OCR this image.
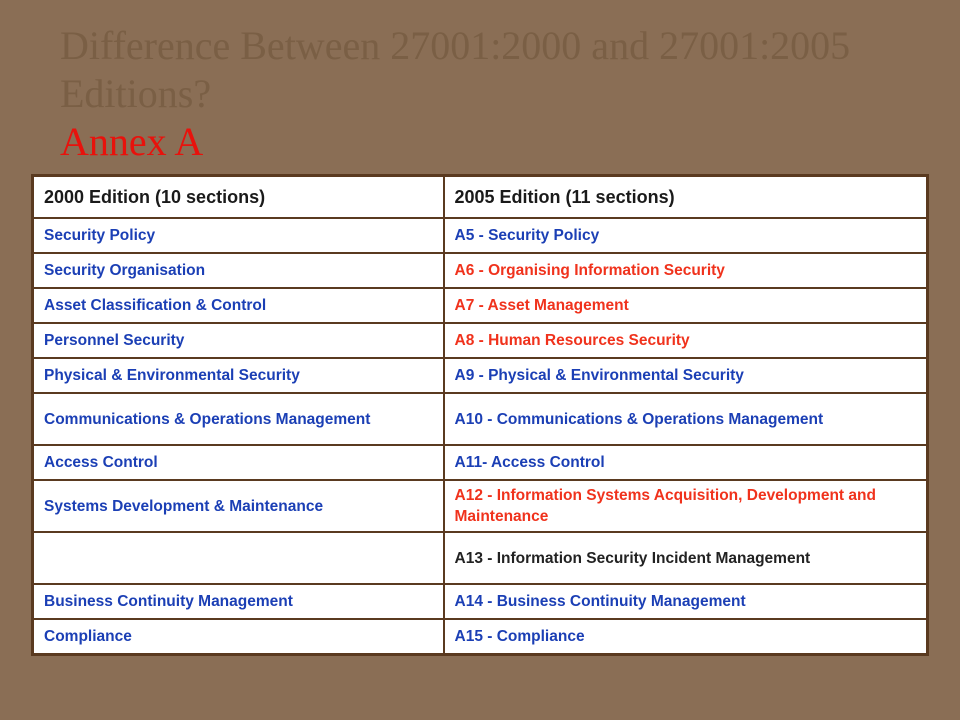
Difference Between 27001:2000 and 27001:2005 Editions?
Annex A
2000 Edition (10 sections)	2005 Edition (11 sections)
Security Policy	A5 - Security Policy
Security Organisation	A6 - Organising Information Security
Asset Classification & Control	A7 - Asset Management
Personnel Security	A8 - Human Resources Security
Physical & Environmental Security	A9 - Physical & Environmental Security
Communications & Operations Management	A10 - Communications & Operations Management
Access Control	A11- Access Control
Systems Development & Maintenance	A12 - Information Systems Acquisition, Development and Maintenance
	A13 - Information Security Incident Management
Business Continuity Management	A14 - Business Continuity Management
Compliance	A15 - Compliance
